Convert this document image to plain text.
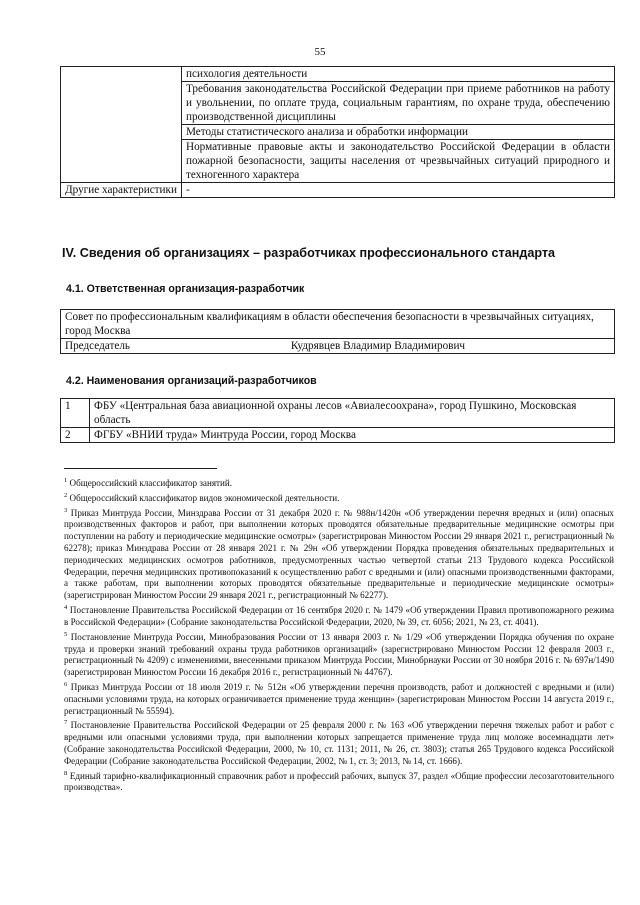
55
	психология деятельности
	Требования законодательства Российской Федерации при приеме работников на работу и увольнении, по оплате труда, социальным гарантиям, по охране труда, обеспечению производственной дисциплины
	Методы статистического анализа и обработки информации
	Нормативные правовые акты и законодательство Российской Федерации в области пожарной безопасности, защиты населения от чрезвычайных ситуаций природного и техногенного характера
Другие характеристики	-
IV. Сведения об организациях – разработчиках профессионального стандарта
4.1. Ответственная организация-разработчик
Совет по профессиональным квалификациям в области обеспечения безопасности в чрезвычайных ситуациях, город Москва
Председатель	Кудрявцев Владимир Владимирович
4.2. Наименования организаций-разработчиков
1	ФБУ «Центральная база авиационной охраны лесов «Авиалесоохрана», город Пушкино, Московская область
2	ФГБУ «ВНИИ труда» Минтруда России, город Москва

$^1$ Общероссийский классификатор занятий.

$^2$ Общероссийский классификатор видов экономической деятельности.

$^3$ Приказ Минтруда России, Минздрава России от 31 декабря 2020 г. № 988н/1420н «Об утверждении перечня вредных и (или) опасных производственных факторов и работ, при выполнении которых проводятся обязательные предварительные медицинские осмотры при поступлении на работу и периодические медицинские осмотры» (зарегистрирован Минюстом России 29 января 2021 г., регистрационный № 62278); приказ Минздрава России от 28 января 2021 г. № 29н «Об утверждении Порядка проведения обязательных предварительных и периодических медицинских осмотров работников, предусмотренных частью четвертой статьи 213 Трудового кодекса Российской Федерации, перечня медицинских противопоказаний к осуществлению работ с вредными и (или) опасными производственными факторами, а также работам, при выполнении которых проводятся обязательные предварительные и периодические медицинские осмотры» (зарегистрирован Минюстом России 29 января 2021 г., регистрационный № 62277).

$^4$ Постановление Правительства Российской Федерации от 16 сентября 2020 г. № 1479 «Об утверждении Правил противопожарного режима в Российской Федерации» (Собрание законодательства Российской Федерации, 2020, № 39, ст. 6056; 2021, № 23, ст. 4041).

$^5$ Постановление Минтруда России, Минобразования России от 13 января 2003 г. № 1/29 «Об утверждении Порядка обучения по охране труда и проверки знаний требований охраны труда работников организаций» (зарегистрировано Минюстом России 12 февраля 2003 г., регистрационный № 4209) с изменениями, внесенными приказом Минтруда России, Минобрнауки России от 30 ноября 2016 г. № 697н/1490 (зарегистрирован Минюстом России 16 декабря 2016 г., регистрационный № 44767).

$^6$ Приказ Минтруда России от 18 июля 2019 г. № 512н «Об утверждении перечня производств, работ и должностей с вредными и (или) опасными условиями труда, на которых ограничивается применение труда женщин» (зарегистрирован Минюстом России 14 августа 2019 г., регистрационный № 55594).

$^7$ Постановление Правительства Российской Федерации от 25 февраля 2000 г. № 163 «Об утверждении перечня тяжелых работ и работ с вредными или опасными условиями труда, при выполнении которых запрещается применение труда лиц моложе восемнадцати лет» (Собрание законодательства Российской Федерации, 2000, № 10, ст. 1131; 2011, № 26, ст. 3803); статья 265 Трудового кодекса Российской Федерации (Собрание законодательства Российской Федерации, 2002, № 1, ст. 3; 2013, № 14, ст. 1666).

$^8$ Единый тарифно-квалификационный справочник работ и профессий рабочих, выпуск 37, раздел «Общие профессии лесозаготовительного производства».
